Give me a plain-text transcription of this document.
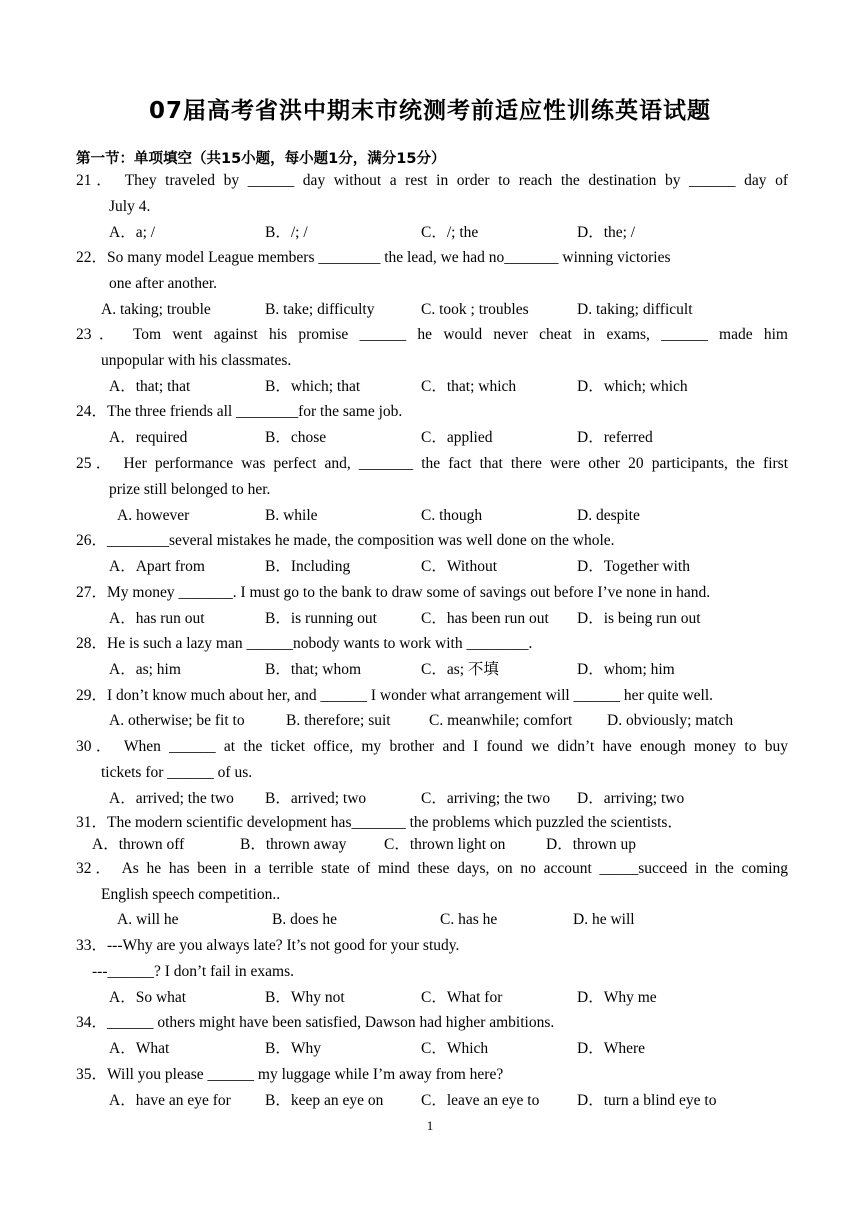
07届高考省洪中期末市统测考前适应性训练英语试题
第一节：单项填空（共15小题，每小题1分，满分15分）
21． They traveled by ______ day without a rest in order to reach the destination by ______ day of
July 4.
A．a; /	B．/; /	C．/; the	D．the; /
22．So many model League members ________ the lead, we had no_______ winning victories
one after another.
A. taking; trouble	B. take; difficulty	C. took ; troubles	D. taking; difficult
23． Tom went against his promise ______ he would never cheat in exams, ______ made him
unpopular with his classmates.
A．that; that	B．which; that	C．that; which	D．which; which
24．The three friends all ________for the same job.
A．required	B．chose	C．applied	D．referred
25． Her performance was perfect and, _______ the fact that there were other 20 participants, the first
prize still belonged to her.
A. however	B. while	C. though	D. despite
26．________several mistakes he made, the composition was well done on the whole.
A．Apart from	B．Including	C．Without	D．Together with
27．My money _______. I must go to the bank to draw some of savings out before I’ve none in hand.
A．has run out	B．is running out	C．has been run out D．is being run out
28．He is such a lazy man ______nobody wants to work with ________.
A．as; him	B．that; whom	C．as; 不填	D．whom; him
29．I don’t know much about her, and ______ I wonder what arrangement will ______ her quite well.
A. otherwise; be fit to	B. therefore; suit C. meanwhile; comfort D. obviously; match
30． When ______ at the ticket office, my brother and I found we didn’t have enough money to buy
tickets for ______ of us.
A．arrived; the two B．arrived; two	C．arriving; the two D．arriving; two
31．The modern scientific development has_______ the problems which puzzled the scientists．
A．thrown off	B．thrown away C．thrown light on	D．thrown up
32． As he has been in a terrible state of mind these days, on no account _____succeed in the coming
English speech competition..
A. will he	B. does he	C. has he	D. he will
33．---Why are you always late? It’s not good for your study.
---______? I don’t fail in exams.
A．So what	B．Why not	C．What for	D．Why me
34．______ others might have been satisfied, Dawson had higher ambitions.
A．What	B．Why	C．Which	D．Where
35．Will you please ______ my luggage while I’m away from here?
A．have an eye for B．keep an eye on C．leave an eye to D．turn a blind eye to
1
